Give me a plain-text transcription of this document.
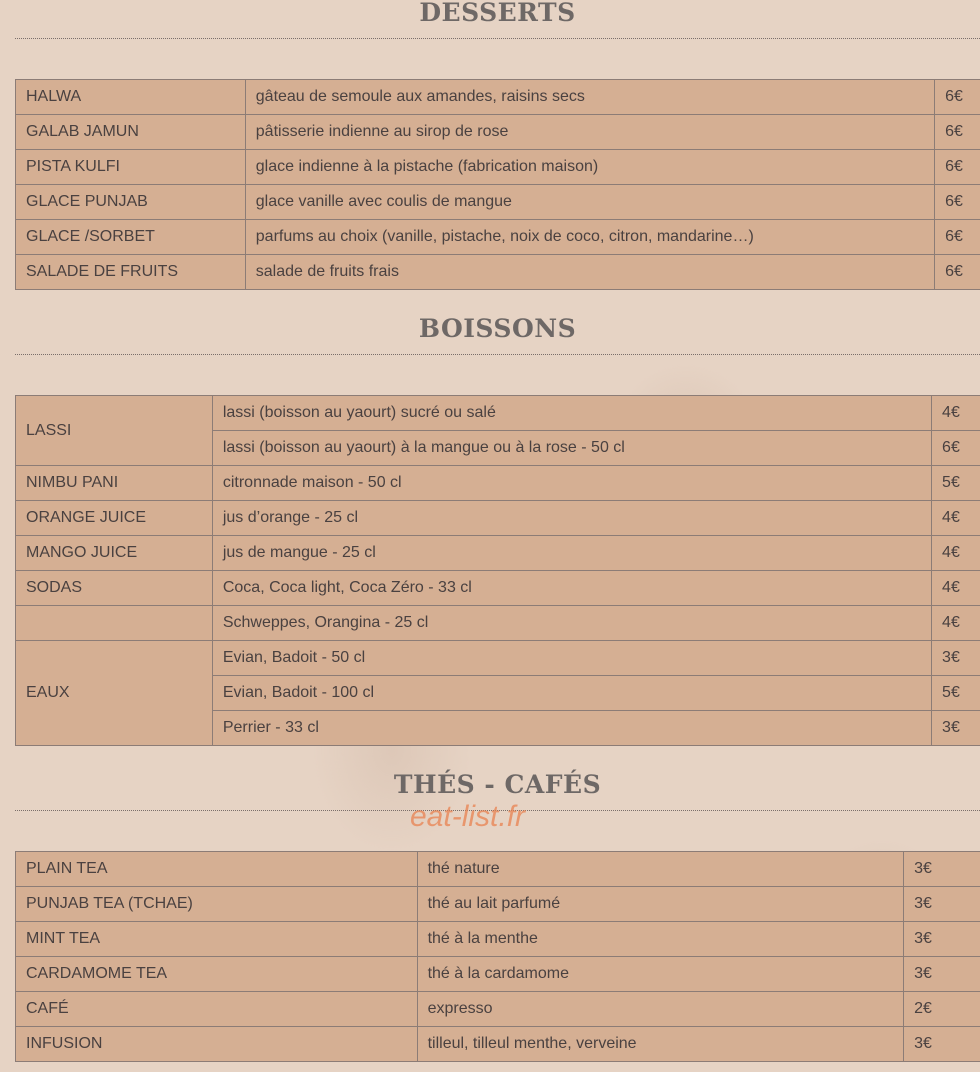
DESSERTS
HALWA	gâteau de semoule aux amandes, raisins secs	6€
GALAB JAMUN	pâtisserie indienne au sirop de rose	6€
PISTA KULFI	glace indienne à la pistache (fabrication maison)	6€
GLACE PUNJAB	glace vanille avec coulis de mangue	6€
GLACE /SORBET	parfums au choix (vanille, pistache, noix de coco, citron, mandarine…)	6€
SALADE DE FRUITS	salade de fruits frais	6€
BOISSONS
LASSI	lassi (boisson au yaourt) sucré ou salé	4€
	lassi (boisson au yaourt) à la mangue ou à la rose - 50 cl	6€
NIMBU PANI	citronnade maison - 50 cl	5€
ORANGE JUICE	jus d’orange - 25 cl	4€
MANGO JUICE	jus de mangue - 25 cl	4€
SODAS	Coca, Coca light, Coca Zéro - 33 cl	4€
	Schweppes, Orangina - 25 cl	4€
EAUX	Evian, Badoit - 50 cl	3€
	Evian, Badoit - 100 cl	5€
	Perrier - 33 cl	3€
THÉS - CAFÉS
eat-list.fr
PLAIN TEA	thé nature	3€
PUNJAB TEA (TCHAE)	thé au lait parfumé	3€
MINT TEA	thé à la menthe	3€
CARDAMOME TEA	thé à la cardamome	3€
CAFÉ	expresso	2€
INFUSION	tilleul, tilleul menthe, verveine	3€
